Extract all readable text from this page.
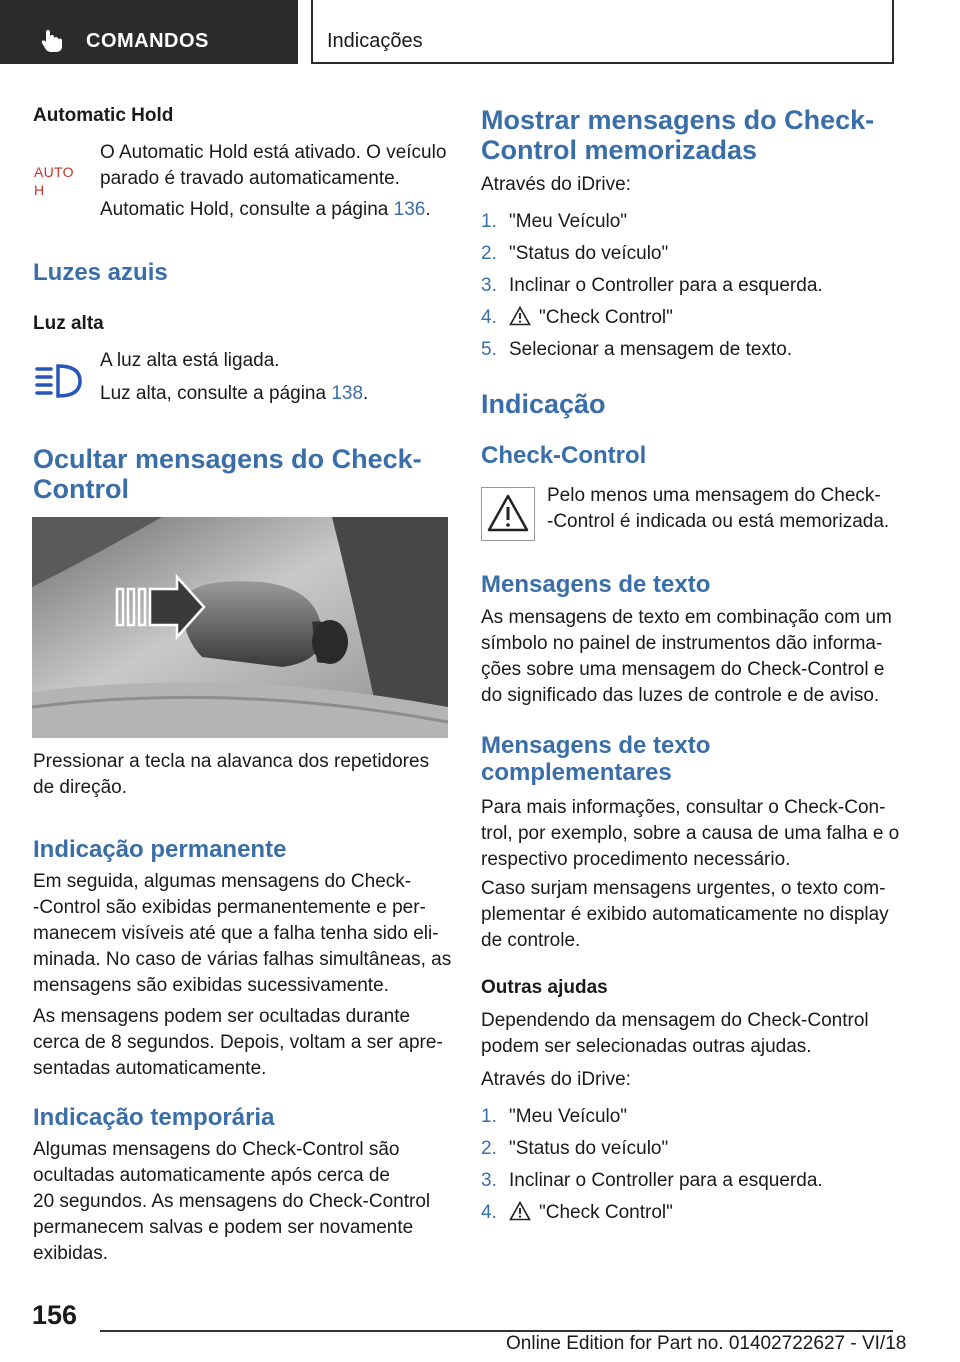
COMANDOS	Indicações
Automatic Hold
AUTO H
O Automatic Hold está ativado. O veículo parado é travado automaticamente.
Automatic Hold, consulte a página 136.
Luzes azuis
Luz alta
A luz alta está ligada.
Luz alta, consulte a página 138.
Ocultar mensagens do Check-
Control
Pressionar a tecla na alavanca dos repetidores
de direção.
Indicação permanente
Em seguida, algumas mensagens do Check-
-Control são exibidas permanentemente e per-
manecem visíveis até que a falha tenha sido eli-
minada. No caso de várias falhas simultâneas, as
mensagens são exibidas sucessivamente.
As mensagens podem ser ocultadas durante
cerca de 8 segundos. Depois, voltam a ser apre-
sentadas automaticamente.
Indicação temporária
Algumas mensagens do Check-Control são
ocultadas automaticamente após cerca de
20 segundos. As mensagens do Check-Control
permanecem salvas e podem ser novamente
exibidas.
Mostrar mensagens do Check-
Control memorizadas
Através do iDrive:
1. "Meu Veículo"
2. "Status do veículo"
3. Inclinar o Controller para a esquerda.
4. "Check Control"
5. Selecionar a mensagem de texto.
Indicação
Check-Control
Pelo menos uma mensagem do Check-
-Control é indicada ou está memorizada.
Mensagens de texto
As mensagens de texto em combinação com um
símbolo no painel de instrumentos dão informa-
ções sobre uma mensagem do Check-Control e
do significado das luzes de controle e de aviso.
Mensagens de texto
complementares
Para mais informações, consultar o Check-Con-
trol, por exemplo, sobre a causa de uma falha e o
respectivo procedimento necessário.
Caso surjam mensagens urgentes, o texto com-
plementar é exibido automaticamente no display
de controle.
Outras ajudas
Dependendo da mensagem do Check-Control
podem ser selecionadas outras ajudas.
Através do iDrive:
1. "Meu Veículo"
2. "Status do veículo"
3. Inclinar o Controller para a esquerda.
4. "Check Control"
156
Online Edition for Part no. 01402722627 - VI/18
